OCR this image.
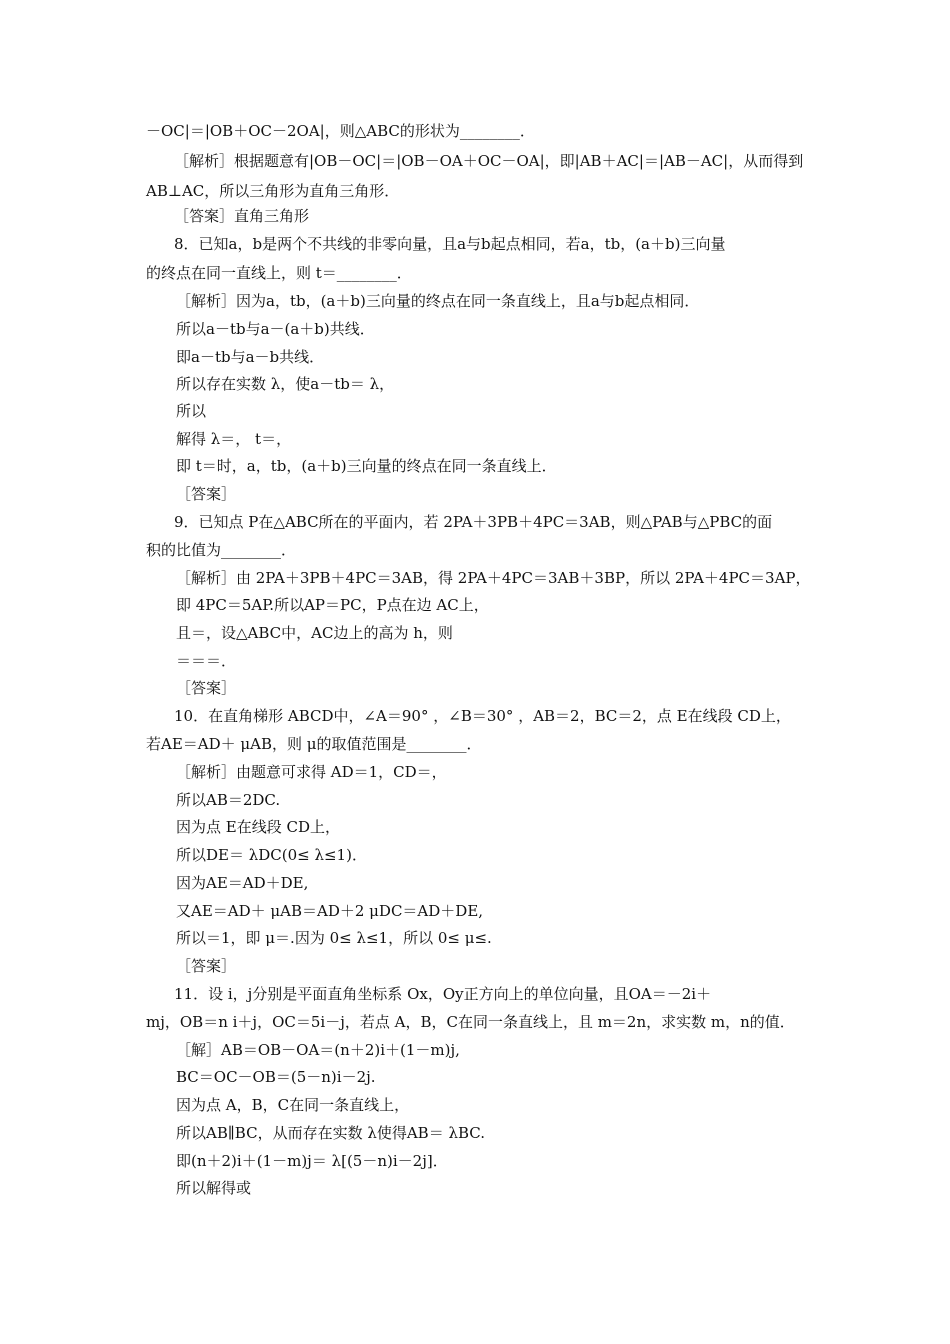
－OC|＝|OB＋OC－2OA|，则△ABC的形状为________．
［解析］根据题意有|OB－OC|＝|OB－OA＋OC－OA|，即|AB＋AC|＝|AB－AC|，从而得到
AB⊥AC，所以三角形为直角三角形．
［答案］直角三角形
8．已知a，b是两个不共线的非零向量，且a与b起点相同，若a，tb，(a＋b)三向量
的终点在同一直线上，则 t＝________．
［解析］因为a，tb，(a＋b)三向量的终点在同一条直线上，且a与b起点相同．
所以a－tb与a－(a＋b)共线．
即a－tb与a－b共线．
所以存在实数 λ，使a－tb＝ λ，
所以
解得 λ＝， t＝，
即 t＝时，a，tb，(a＋b)三向量的终点在同一条直线上．
［答案］
9．已知点 P在△ABC所在的平面内，若 2PA＋3PB＋4PC＝3AB，则△PAB与△PBC的面
积的比值为________．
［解析］由 2PA＋3PB＋4PC＝3AB，得 2PA＋4PC＝3AB＋3BP，所以 2PA＋4PC＝3AP，
即 4PC＝5AP.所以AP＝PC，P点在边 AC上，
且＝，设△ABC中，AC边上的高为 h，则
＝＝＝．
［答案］
10．在直角梯形 ABCD中，∠A＝90° ，∠B＝30° ，AB＝2，BC＝2，点 E在线段 CD上，
若AE＝AD＋ μAB，则 μ的取值范围是________．
［解析］由题意可求得 AD＝1，CD＝，
所以AB＝2DC.
因为点 E在线段 CD上，
所以DE＝ λDC(0≤ λ≤1)．
因为AE＝AD＋DE,
又AE＝AD＋ μAB＝AD＋2 μDC＝AD＋DE,
所以＝1，即 μ＝.因为 0≤ λ≤1，所以 0≤ μ≤.
［答案］
11．设 i，j分别是平面直角坐标系 Ox，Oy正方向上的单位向量，且OA＝－2i＋
mj，OB＝n i＋j，OC＝5i－j，若点 A，B，C在同一条直线上，且 m＝2n，求实数 m，n的值．
［解］AB＝OB－OA＝(n＋2)i＋(1－m)j,
BC＝OC－OB＝(5－n)i－2j.
因为点 A，B，C在同一条直线上，
所以AB∥BC，从而存在实数 λ使得AB＝ λBC.
即(n＋2)i＋(1－m)j＝ λ[(5－n)i－2j]．
所以解得或
